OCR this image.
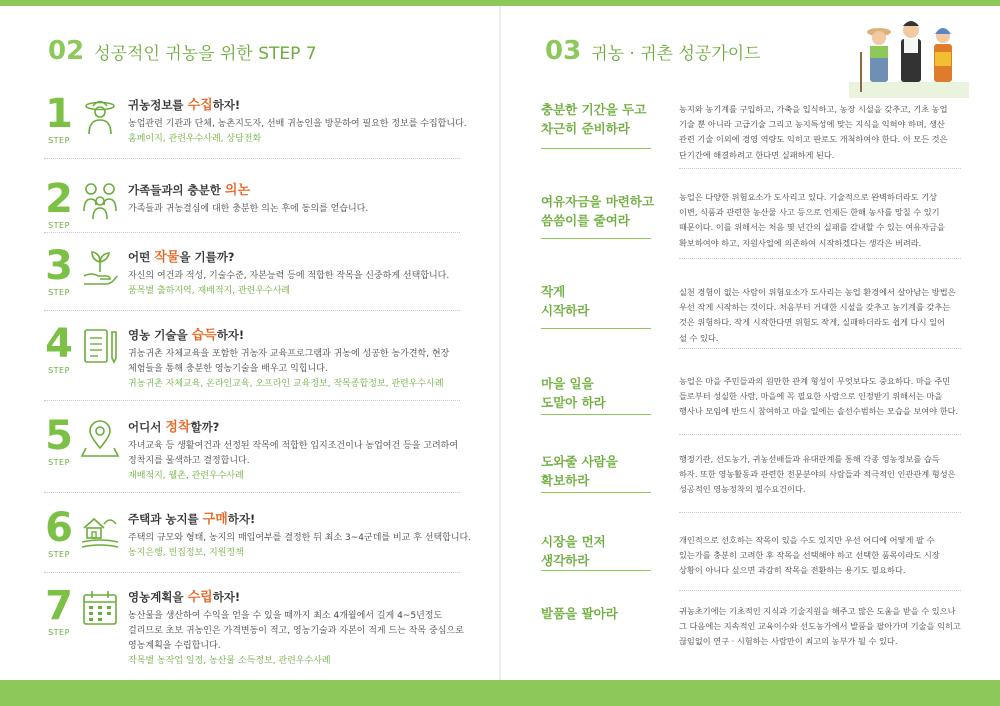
02 성공적인 귀농을 위한 STEP 7
1
STEP
귀농정보를 수집하자!
농업관련 기관과 단체, 농촌지도자, 선배 귀농인을 방문하여 필요한 정보를 수집합니다.
홈페이지, 관련우수사례, 상담전화
2
STEP
가족들과의 충분한 의논
가족들과 귀농결심에 대한 충분한 의논 후에 동의를 얻습니다.
3
STEP
어떤 작물을 기를까?
자신의 여건과 적성, 기술수준, 자본능력 등에 적합한 작목을 신중하게 선택합니다.
품목별 출하지역, 재배적지, 관련우수사례
4
STEP
영농 기술을 습득하자!
귀농귀촌 자체교육을 포함한 귀농자 교육프로그램과 귀농에 성공한 농가견학, 현장
체험들을 통해 충분한 영농기술을 배우고 익힙니다.
귀농귀촌 자체교육, 온라인교육, 오프라인 교육정보, 작목종합정보, 관련우수사례
5
STEP
어디서 정착할까?
자녀교육 등 생활여건과 선정된 작목에 적합한 입지조건이나 농업여건 등을 고려하여
정착지를 물색하고 결정합니다.
재배적지, 웰촌, 관련우수사례
6
STEP
주택과 농지를 구매하자!
주택의 규모와 형태, 농지의 매입여부를 결정한 뒤 최소 3~4군데를 비교 후 선택합니다.
농지은행, 빈집정보, 지원정책
7
STEP
영농계획을 수립하자!
농산물을 생산하여 수익을 얻을 수 있을 때까지 최소 4개월에서 길게 4~5년정도
걸리므로 초보 귀농인은 가격변동이 적고, 영농기술과 자본이 적게 드는 작목 중심으로
영농계획을 수립합니다.
작목별 농작업 일정, 농산물 소득정보, 관련우수사례
03 귀농 · 귀촌 성공가이드
충분한 기간을 두고
차근히 준비하라
농지와 농기계를 구입하고, 가축을 입식하고, 농장 시설을 갖추고, 기초 농업
기술 뿐 아니라 고급기술 그리고 농지특성에 맞는 지식을 익혀야 하며, 생산
관련 기술 이외에 경영 역량도 익히고 판로도 개척하여야 한다. 이 모든 것은
단기간에 해결하려고 한다면 실패하게 된다.
여유자금을 마련하고
씀씀이를 줄여라
농업은 다양한 위험요소가 도사리고 있다. 기술적으로 완벽하더라도 기상
이변, 식품과 관련한 농산물 사고 등으로 언제든 한해 농사를 망칠 수 있기
때문이다. 이를 위해서는 처음 몇 년간의 실패를 감내할 수 있는 여유자금을
확보하여야 하고, 지원사업에 의존하여 시작하겠다는 생각은 버려라.
작게
시작하라
실천 경험이 없는 사람이 위험요소가 도사리는 농업 환경에서 살아남는 방법은
우선 작게 시작하는 것이다. 처음부터 거대한 시설을 갖추고 농기계를 갖추는
것은 위험하다. 작게 시작한다면 위험도 작게, 실패하더라도 쉽게 다시 일어
설 수 있다.
마을 일을
도맡아 하라
농업은 마을 주민들과의 원만한 관계 형성이 무엇보다도 중요하다. 마을 주민
들로부터 성실한 사람, 마을에 꼭 필요한 사람으로 인정받기 위해서는 마을
행사나 모임에 반드시 참여하고 마을 일에는 솔선수범하는 모습을 보여야 한다.
도와줄 사람을
확보하라
행정기관, 선도농가, 귀농선배들과 유대관계를 통해 각종 영농정보를 습득
하자. 또한 영농활동과 관련한 전문분야의 사람들과 적극적인 인관관계 형성은
성공적인 영농정착의 필수요건이다.
시장을 먼저
생각하라
개인적으로 선호하는 작목이 있을 수도 있지만 우선 어디에 어떻게 팔 수
있는가를 충분히 고려한 후 작목을 선택해야 하고 선택한 품목이라도 시장
상황이 아니다 싶으면 과감히 작목을 전환하는 용기도 필요하다.
발품을 팔아라	귀농초기에는 기초적인 지식과 기술지원을 해주고 많은 도움을 받을 수 있으나
그 다음에는 지속적인 교육이수와 선도농가에서 발품을 팔아가며 기술을 익히고
끊임없이 연구 · 시험하는 사람만이 최고의 농부가 될 수 있다.
